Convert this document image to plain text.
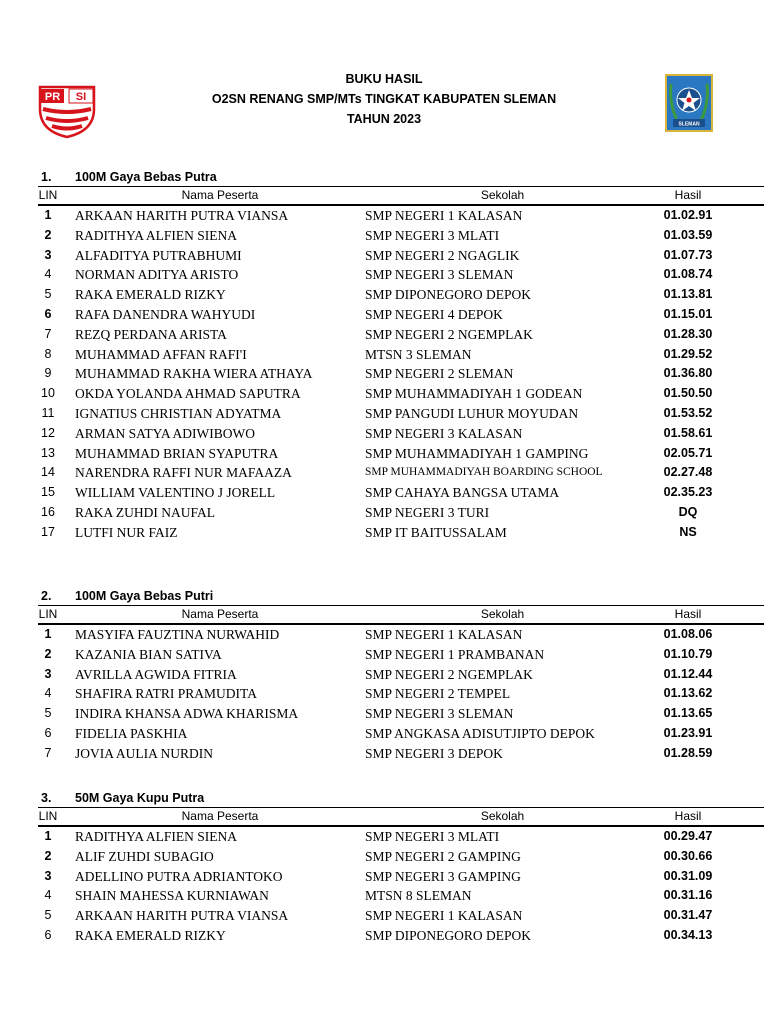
PR SI
SLEMAN
BUKU HASIL
O2SN RENANG SMP/MTs TINGKAT KABUPATEN SLEMAN
TAHUN 2023
1. 100M Gaya Bebas Putra
LIN	Nama Peserta	Sekolah	Hasil
1	ARKAAN HARITH PUTRA VIANSA	SMP NEGERI 1 KALASAN	01.02.91
2	RADITHYA ALFIEN SIENA	SMP NEGERI 3 MLATI	01.03.59
3	ALFADITYA PUTRABHUMI	SMP NEGERI 2 NGAGLIK	01.07.73
4	NORMAN ADITYA ARISTO	SMP NEGERI 3 SLEMAN	01.08.74
5	RAKA EMERALD RIZKY	SMP DIPONEGORO DEPOK	01.13.81
6	RAFA DANENDRA WAHYUDI	SMP NEGERI 4 DEPOK	01.15.01
7	REZQ PERDANA ARISTA	SMP NEGERI 2 NGEMPLAK	01.28.30
8	MUHAMMAD AFFAN RAFI'I	MTSN 3 SLEMAN	01.29.52
9	MUHAMMAD RAKHA WIERA ATHAYA	SMP NEGERI 2 SLEMAN	01.36.80
10 OKDA YOLANDA AHMAD SAPUTRA	SMP MUHAMMADIYAH 1 GODEAN	01.50.50
11 IGNATIUS CHRISTIAN ADYATMA	SMP PANGUDI LUHUR MOYUDAN	01.53.52
12 ARMAN SATYA ADIWIBOWO	SMP NEGERI 3 KALASAN	01.58.61
13 MUHAMMAD BRIAN SYAPUTRA	SMP MUHAMMADIYAH 1 GAMPING	02.05.71
14 NARENDRA RAFFI NUR MAFAAZA	SMP MUHAMMADIYAH BOARDING SCHOOL	02.27.48
15 WILLIAM VALENTINO J JORELL	SMP CAHAYA BANGSA UTAMA	02.35.23
16 RAKA ZUHDI NAUFAL	SMP NEGERI 3 TURI	DQ
17 LUTFI NUR FAIZ	SMP IT BAITUSSALAM	NS
2. 100M Gaya Bebas Putri
LIN	Nama Peserta	Sekolah	Hasil
1	MASYIFA FAUZTINA NURWAHID	SMP NEGERI 1 KALASAN	01.08.06
2	KAZANIA BIAN SATIVA	SMP NEGERI 1 PRAMBANAN	01.10.79
3	AVRILLA AGWIDA FITRIA	SMP NEGERI 2 NGEMPLAK	01.12.44
4	SHAFIRA RATRI PRAMUDITA	SMP NEGERI 2 TEMPEL	01.13.62
5	INDIRA KHANSA ADWA KHARISMA	SMP NEGERI 3 SLEMAN	01.13.65
6	FIDELIA PASKHIA	SMP ANGKASA ADISUTJIPTO DEPOK	01.23.91
7	JOVIA AULIA NURDIN	SMP NEGERI 3 DEPOK	01.28.59
3. 50M Gaya Kupu Putra
LIN	Nama Peserta	Sekolah	Hasil
1	RADITHYA ALFIEN SIENA	SMP NEGERI 3 MLATI	00.29.47
2	ALIF ZUHDI SUBAGIO	SMP NEGERI 2 GAMPING	00.30.66
3	ADELLINO PUTRA ADRIANTOKO	SMP NEGERI 3 GAMPING	00.31.09
4	SHAIN MAHESSA KURNIAWAN	MTSN 8 SLEMAN	00.31.16
5	ARKAAN HARITH PUTRA VIANSA	SMP NEGERI 1 KALASAN	00.31.47
6	RAKA EMERALD RIZKY	SMP DIPONEGORO DEPOK	00.34.13
